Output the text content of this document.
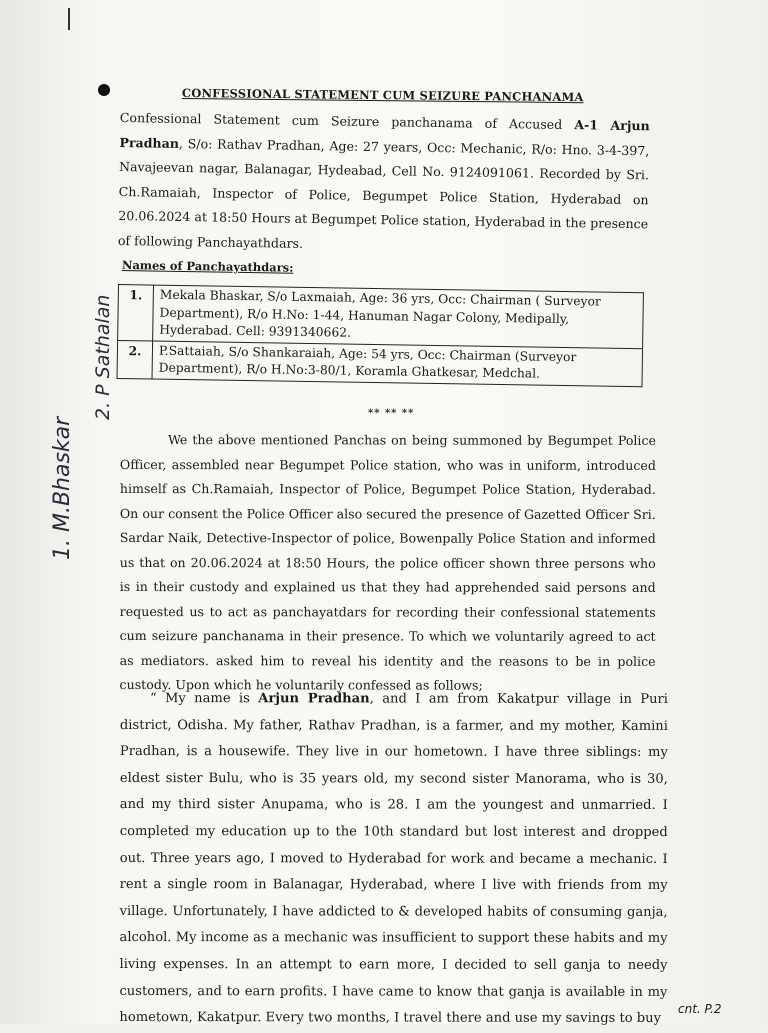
CONFESSIONAL STATEMENT CUM SEIZURE PANCHANAMA
Confessional Statement cum Seizure panchanama of Accused A-1 Arjun Pradhan, S/o: Rathav Pradhan, Age: 27 years, Occ: Mechanic, R/o: Hno. 3-4-397, Navajeevan nagar, Balanagar, Hydeabad, Cell No. 9124091061. Recorded by Sri. Ch.Ramaiah, Inspector of Police, Begumpet Police Station, Hyderabad on 20.06.2024 at 18:50 Hours at Begumpet Police station, Hyderabad in the presence of following Panchayathdars.
Names of Panchayathdars:
1.	Mekala Bhaskar, S/o Laxmaiah, Age: 36 yrs, Occ: Chairman ( Surveyor Department), R/o H.No: 1-44, Hanuman Nagar Colony, Medipally, Hyderabad. Cell: 9391340662.
2.	P.Sattaiah, S/o Shankaraiah, Age: 54 yrs, Occ: Chairman (Surveyor Department), R/o H.No:3-80/1, Koramla Ghatkesar, Medchal.
** ** **
We the above mentioned Panchas on being summoned by Begumpet Police Officer, assembled near Begumpet Police station, who was in uniform, introduced himself as Ch.Ramaiah, Inspector of Police, Begumpet Police Station, Hyderabad. On our consent the Police Officer also secured the presence of Gazetted Officer Sri. Sardar Naik, Detective-Inspector of police, Bowenpally Police Station and informed us that on 20.06.2024 at 18:50 Hours, the police officer shown three persons who is in their custody and explained us that they had apprehended said persons and requested us to act as panchayatdars for recording their confessional statements cum seizure panchanama in their presence. To which we voluntarily agreed to act as mediators. asked him to reveal his identity and the reasons to be in police custody. Upon which he voluntarily confessed as follows;
“ My name is Arjun Pradhan, and I am from Kakatpur village in Puri district, Odisha. My father, Rathav Pradhan, is a farmer, and my mother, Kamini Pradhan, is a housewife. They live in our hometown. I have three siblings: my eldest sister Bulu, who is 35 years old, my second sister Manorama, who is 30, and my third sister Anupama, who is 28. I am the youngest and unmarried. I completed my education up to the 10th standard but lost interest and dropped out. Three years ago, I moved to Hyderabad for work and became a mechanic. I rent a single room in Balanagar, Hyderabad, where I live with friends from my village. Unfortunately, I have addicted to & developed habits of consuming ganja, alcohol. My income as a mechanic was insufficient to support these habits and my living expenses. In an attempt to earn more, I decided to sell ganja to needy customers, and to earn profits. I have came to know that ganja is available in my hometown, Kakatpur. Every two months, I travel there and use my savings to buy
1. M.Bhaskar
2. P Sathalan
cnt. P.2
